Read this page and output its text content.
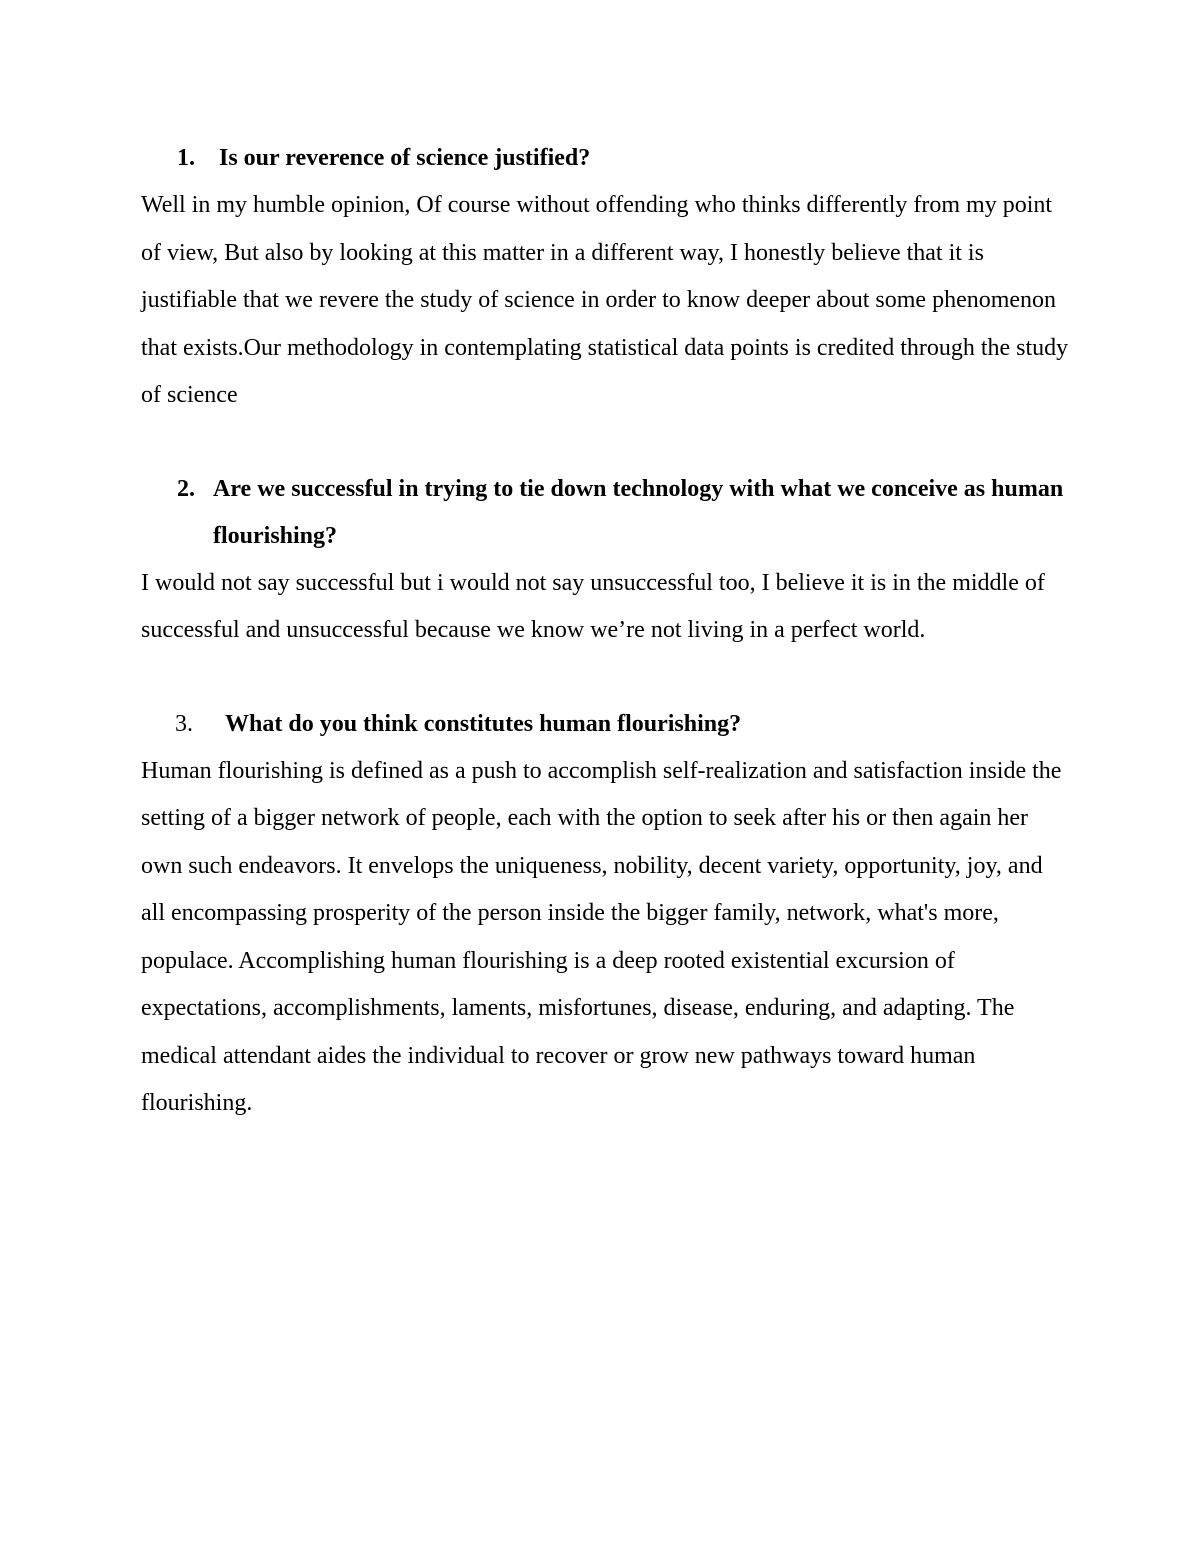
1.	Is our reverence of science justified?

Well in my humble opinion, Of course without offending who thinks differently from my point of view, But also by looking at this matter in a different way, I honestly believe that it is justifiable that we revere the study of science in order to know deeper about some phenomenon that exists.Our methodology in contemplating statistical data points is credited through the study of science

2. Are we successful in trying to tie down technology with what we conceive as human flourishing?

I would not say successful but i would not say unsuccessful too, I believe it is in the middle of successful and unsuccessful because we know we’re not living in a perfect world.

3.	What do you think constitutes human flourishing?

Human flourishing is defined as a push to accomplish self-realization and satisfaction inside the setting of a bigger network of people, each with the option to seek after his or then again her own such endeavors. It envelops the uniqueness, nobility, decent variety, opportunity, joy, and all encompassing prosperity of the person inside the bigger family, network, what's more, populace. Accomplishing human flourishing is a deep rooted existential excursion of expectations, accomplishments, laments, misfortunes, disease, enduring, and adapting. The medical attendant aides the individual to recover or grow new pathways toward human flourishing.
